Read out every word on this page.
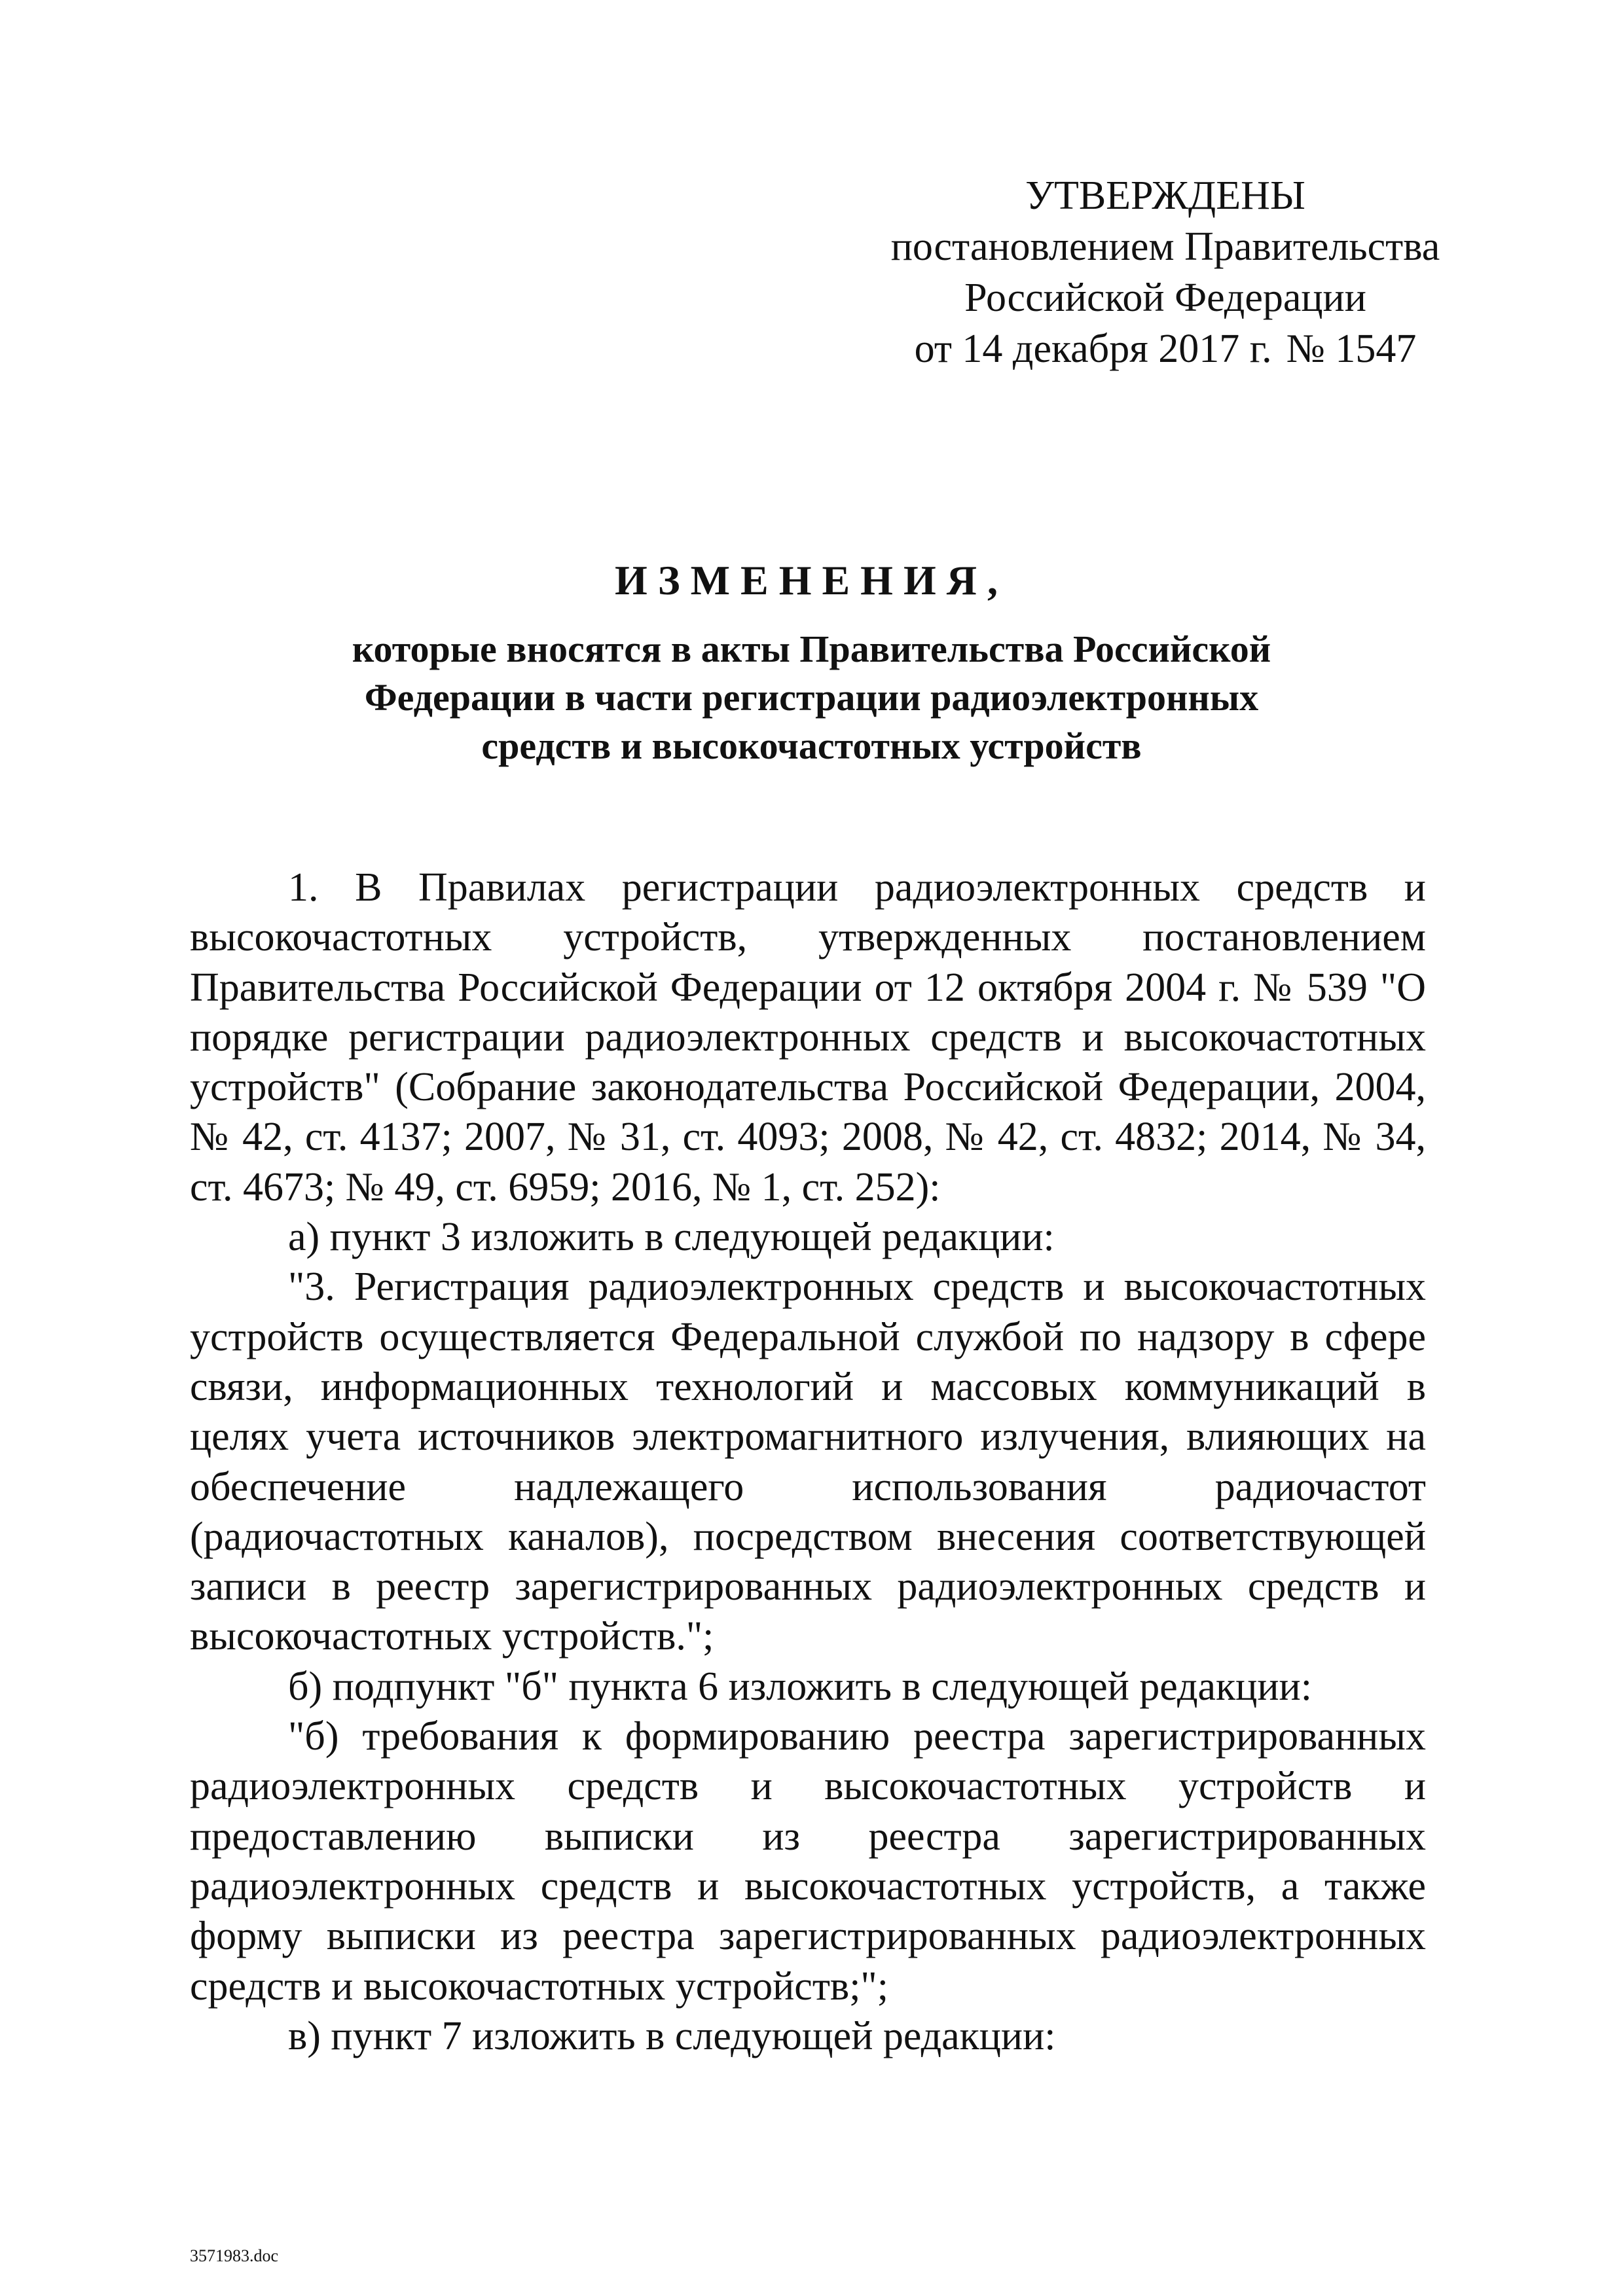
УТВЕРЖДЕНЫ
постановлением Правительства
Российской Федерации
от 14 декабря 2017 г. № 1547
ИЗМЕНЕНИЯ,
которые вносятся в акты Правительства Российской
Федерации в части регистрации радиоэлектронных
средств и высокочастотных устройств

1. В Правилах регистрации радиоэлектронных средств и высокочастотных устройств, утвержденных постановлением Правительства Российской Федерации от 12 октября 2004 г. № 539 "О порядке регистрации радиоэлектронных средств и высокочастотных устройств" (Собрание законодательства Российской Федерации, 2004, № 42, ст. 4137; 2007, № 31, ст. 4093; 2008, № 42, ст. 4832; 2014, № 34, ст. 4673; № 49, ст. 6959; 2016, № 1, ст. 252):

а) пункт 3 изложить в следующей редакции:

"3. Регистрация радиоэлектронных средств и высокочастотных устройств осуществляется Федеральной службой по надзору в сфере связи, информационных технологий и массовых коммуникаций в целях учета источников электромагнитного излучения, влияющих на обеспечение надлежащего использования радиочастот (радиочастотных каналов), посредством внесения соответствующей записи в реестр зарегистрированных радиоэлектронных средств и высокочастотных устройств.";

б) подпункт "б" пункта 6 изложить в следующей редакции:

"б) требования к формированию реестра зарегистрированных радиоэлектронных средств и высокочастотных устройств и предоставлению выписки из реестра зарегистрированных радиоэлектронных средств и высокочастотных устройств, а также форму выписки из реестра зарегистрированных радиоэлектронных средств и высокочастотных устройств;";

в) пункт 7 изложить в следующей редакции:

3571983.doc
